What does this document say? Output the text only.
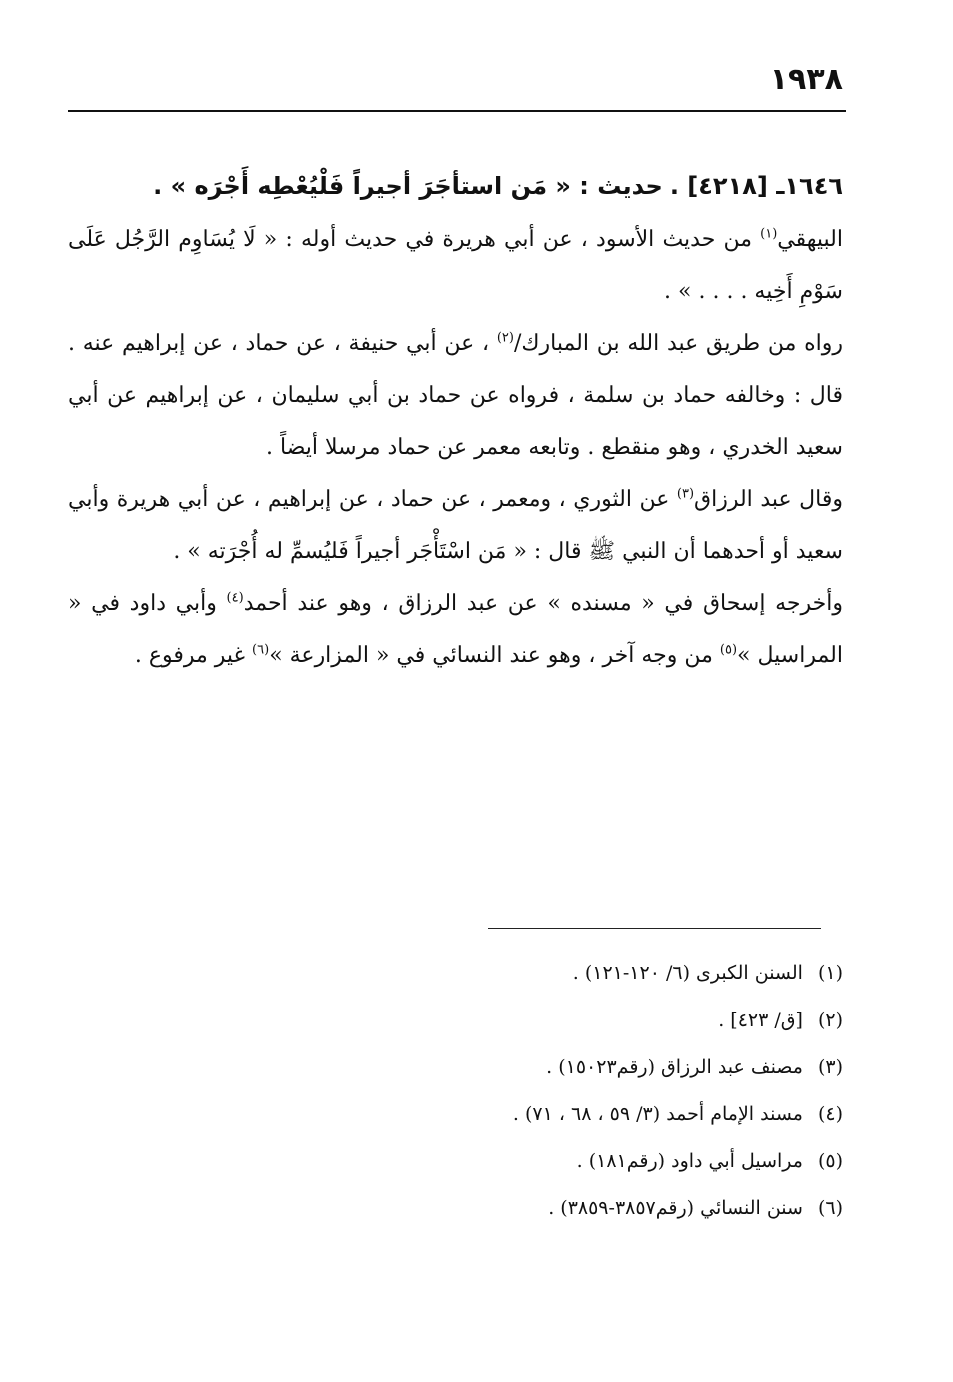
١٩٣٨

١٦٤٦ـ [٤٢١٨] . حديث : « مَن استأجَرَ أجيراً فَلْيُعْطِه أَجْرَه » .

البيهقي$^{(١)}$ من حديث الأسود ، عن أبي هريرة في حديث أوله : « لَا يُسَاوِم الرَّجُل عَلَى سَوْمِ أَخِيه . . . . » .

رواه من طريق عبد الله بن المبارك/$^{(٢)}$ ، عن أبي حنيفة ، عن حماد ، عن إبراهيم عنه . قال : وخالفه حماد بن سلمة ، فرواه عن حماد بن أبي سليمان ، عن إبراهيم عن أبي سعيد الخدري ، وهو منقطع . وتابعه معمر عن حماد مرسلا أيضاً .

وقال عبد الرزاق$^{(٣)}$ عن الثوري ، ومعمر ، عن حماد ، عن إبراهيم ، عن أبي هريرة وأبي سعيد أو أحدهما أن النبي ﷺ قال : « مَن اسْتَأْجَر أجيراً فَليُسمِّ له أُجْرَته » .

وأخرجه إسحاق في « مسنده » عن عبد الرزاق ، وهو عند أحمد$^{(٤)}$ وأبي داود في « المراسيل »$^{(٥)}$ من وجه آخر ، وهو عند النسائي في « المزارعة »$^{(٦)}$ غير مرفوع .

(١) السنن الكبرى (٦/ ١٢٠-١٢١) .
(٢) [ق/ ٤٢٣] .
(٣) مصنف عبد الرزاق (رقم١٥٠٢٣) .
(٤) مسند الإمام أحمد (٣/ ٥٩ ، ٦٨ ، ٧١) .
(٥) مراسيل أبي داود (رقم١٨١) .
(٦) سنن النسائي (رقم٣٨٥٧-٣٨٥٩) .
